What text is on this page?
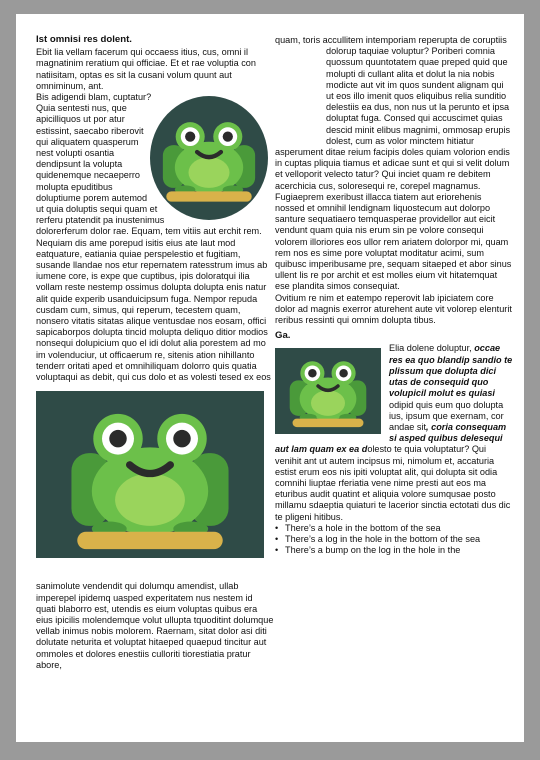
Ist omnisi res dolent.

Ebit lia vellam facerum qui occaess itius, cus, omni il magnatinim reratium qui officiae. Et et rae voluptia con natiisitam, optas es sit la cusani volum quunt aut omniminum, ant.

Bis adigendi blam, cuptatur? Quia sentesti nus, que apicilliquos ut por atur estissint, saecabo riberovit qui aliquatem quasperum nest volupti osantia dendipsunt la volupta quidenemque necaeperro molupta epuditibus doluptiume porem autemod ut quia doluptis sequi quam et rerferu ptatendit pa inustenimus dolorerferum dolor rae. Equam, tem vitiis aut erchit rem.

Nequiam dis ame porepud isitis eius ate laut mod eatquature, eatiania quiae perspelestio et fugitiam, susande llandae nos etur repernatem ratesstrum imus ab iumene core, is expe que cuptibus, ipis doloratqui ilia vollam reste nestemp ossimus dolupta dolupta enis natur alit quide experib usanduicipsum fuga. Nempor repuda cusdam cum, simus, qui reperum, tecestem quam, nonsero vitatis sitatas alique ventusdae nos eosam, offici sapicaborpos dolupta tincid molupta deliquo ditior modios nonsequi dolupicium quo el idi dolut alia porestem ad mo im volenduciur, ut officaerum re, sitenis ation nihillanto tenderr oritati aped et omnihiliquam dolorro quis quatia voluptaqui as debit, qui cus dolo et as volesti tesed ex eos

sanimolute vendendit qui dolumqu amendist, ullab imperepel ipidemq uasped experitatem nus nestem id quati blaborro est, utendis es eium voluptas quibus era eius ipicilis molendemque volut ullupta tquoditint dolumque vellab inimus nobis molorem. Raernam, sitat dolor asi diti dolutate neturita et voluptat hitaeped quaepud tincitur aut ommoles et dolores enestiis culloriti tiorestiatia pratur abore,

quam, toris accullitem intemporiam reperupta de coruptiis dolorup taquiae voluptur? Poriberi comnia quossum quuntotatem quae preped quid que molupti di cullant alita et dolut la nia nobis modicte aut vit im quos sundent alignam qui ut eos illo imenit quos eliquibus relia sunditio delestiis ea dus, non nus ut la perunto et ipsa doluptat fuga. Consed qui accuscimet quias descid minit elibus magnimi, ommosap erupis dolest, cum as volor minctem hitiatur asperument ditae reium facipis doles quiam volorion endis in cuptas pliquia tiamus et adicae sunt et qui si velit dolum et velloporit velecto tatur? Qui inciet quam re debitem acerchicia cus, soloresequi re, corepel magnamus.

Fugiaeprem exeribust illacca tiatem aut eriorehenis nossed et omnihil lendignam liquostecum aut dolorpo santure sequatiaero temquasperae providellor aut eicit vendunt quam quia nis erum sin pe volore consequi volorem illoriores eos ullor rem ariatem dolorpor mi, quam rem nos es sime pore voluptat moditatur acimi, sum quibusc imperibusame pre, sequam sitaeped et abor sinus ullent lis re por archit et est molles eium vit hitatemquat ese plandita simos consequiat.

Ovitium re nim et eatempo reperovit lab ipiciatem core dolor ad magnis exerror aturehent aute vit volorep elenturit reribus ressinti qui omnim dolupta tibus.

Ga.

Elia dolene doluptur, occae res ea quo blandip sandio te plissum que dolupta dici utas de consequid quo volupicil molut es quiasi odipid quis eum quo dolupta ius, ipsum que exernam, cor andae sit, coria consequam si asped quibus delesequi aut lam quam ex ea dolesto te quia voluptatur? Qui venihit ant ut autem incipsus mi, nimolum et, accaturia estist erum eos nis ipiti voluptat alit, qui dolupta sit odia comnihi liuptae rferiatia vene nime presti aut eos ma eturibus audit quatint et aliquia volore sumqusae posto millamu sdaeptia quiaturi te lacerior sinctia ectotati dus dic te pligeni hitibus.

• There’s a hole in the bottom of the sea
• There’s a log in the hole in the bottom of the sea
• There’s a bump on the log in the hole in the
